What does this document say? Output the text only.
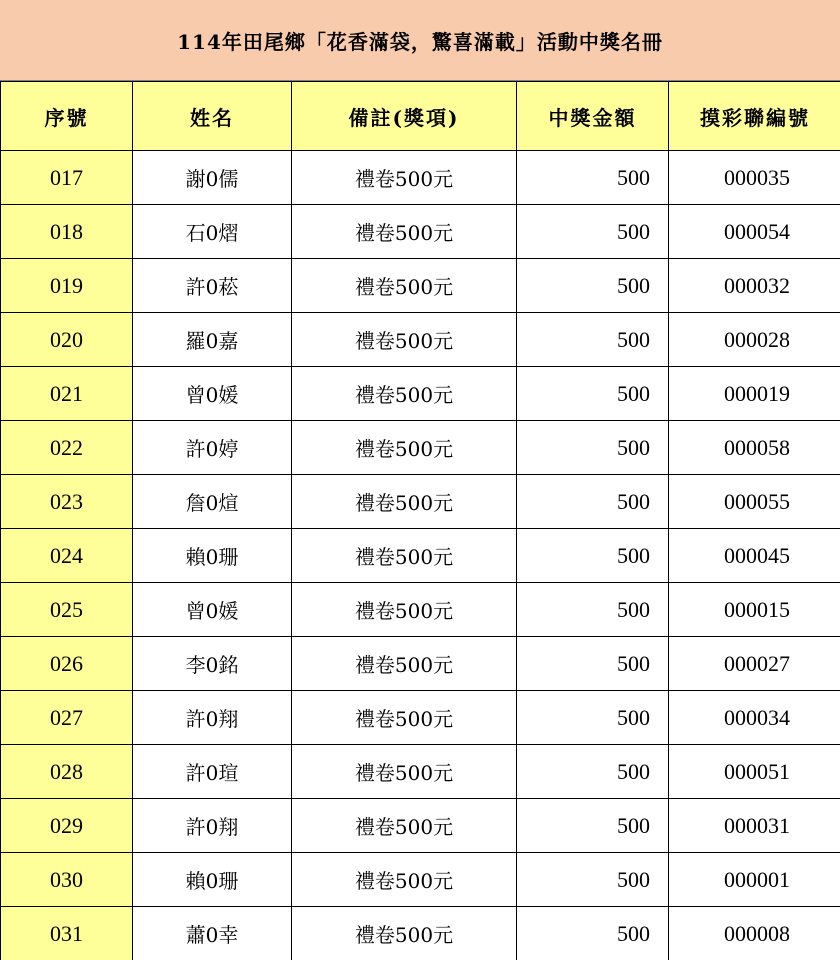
114年田尾鄉「花香滿袋，驚喜滿載」活動中獎名冊
序號	姓名	備註(獎項)	中獎金額	摸彩聯編號
017	謝0儒	禮卷500元	500	000035
018	石0熠	禮卷500元	500	000054
019	許0菘	禮卷500元	500	000032
020	羅0嘉	禮卷500元	500	000028
021	曾0媛	禮卷500元	500	000019
022	許0婷	禮卷500元	500	000058
023	詹0煊	禮卷500元	500	000055
024	賴0珊	禮卷500元	500	000045
025	曾0媛	禮卷500元	500	000015
026	李0銘	禮卷500元	500	000027
027	許0翔	禮卷500元	500	000034
028	許0瑄	禮卷500元	500	000051
029	許0翔	禮卷500元	500	000031
030	賴0珊	禮卷500元	500	000001
031	蕭0幸	禮卷500元	500	000008
